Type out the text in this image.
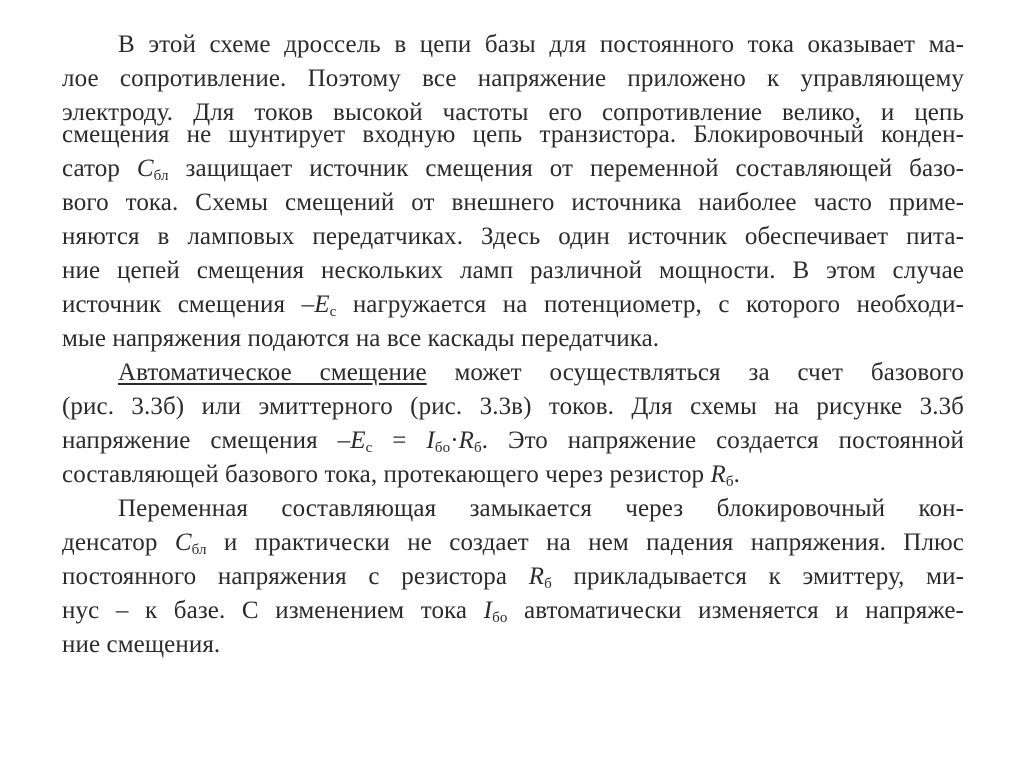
В этой схеме дроссель в цепи базы для постоянного тока оказывает ма-
лое сопротивление. Поэтому все напряжение приложено к управляющему
электроду. Для токов высокой частоты его сопротивление велико, и цепь
смещения не шунтирует входную цепь транзистора. Блокировочный конден-
сатор $C_{бл}$ защищает источник смещения от переменной составляющей базо-
вого тока. Схемы смещений от внешнего источника наиболее часто приме-
няются в ламповых передатчиках. Здесь один источник обеспечивает пита-
ние цепей смещения нескольких ламп различной мощности. В этом случае
источник смещения $-E_с$ нагружается на потенциометр, с которого необходи-
мые напряжения подаются на все каскады передатчика.
Автоматическое смещение может осуществляться за счет базового
(рис. 3.3б) или эмиттерного (рис. 3.3в) токов. Для схемы на рисунке 3.3б
напряжение смещения $-E_с = I_{бо}\cdot R_б$. Это напряжение создается постоянной
составляющей базового тока, протекающего через резистор $R_б$.
Переменная составляющая замыкается через блокировочный кон-
денсатор $C_{бл}$ и практически не создает на нем падения напряжения. Плюс
постоянного напряжения с резистора $R_б$ прикладывается к эмиттеру, ми-
нус – к базе. С изменением тока $I_{бо}$ автоматически изменяется и напряже-
ние смещения.
